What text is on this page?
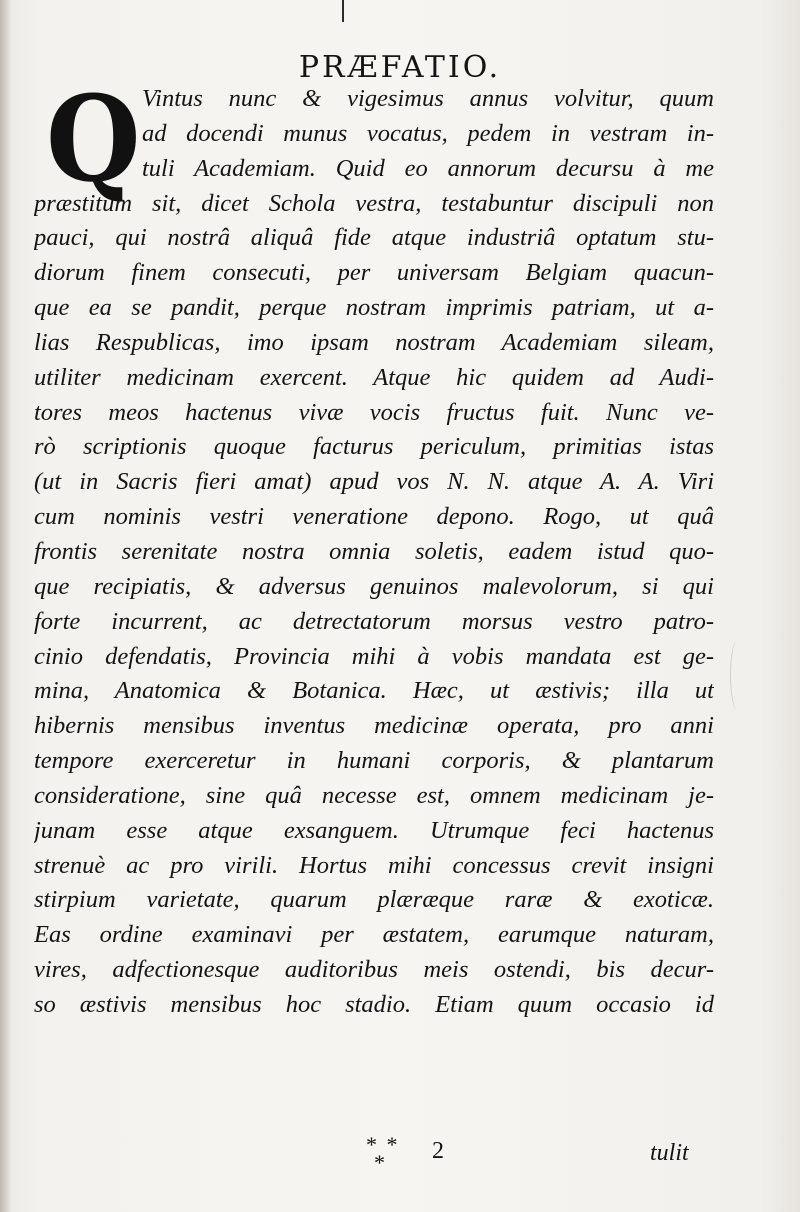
PRÆFATIO.
Q Vintus nunc & vigesimus annus volvitur, quum
ad docendi munus vocatus, pedem in vestram in-
tuli Academiam. Quid eo annorum decursu à me
præstitum sit, dicet Schola vestra, testabuntur discipuli non
pauci, qui nostrâ aliquâ fide atque industriâ optatum stu-
diorum finem consecuti, per universam Belgiam quacun-
que ea se pandit, perque nostram imprimis patriam, ut a-
lias Respublicas, imo ipsam nostram Academiam sileam,
utiliter medicinam exercent. Atque hic quidem ad Audi-
tores meos hactenus vivæ vocis fructus fuit. Nunc ve-
rò scriptionis quoque facturus periculum, primitias istas
(ut in Sacris fieri amat) apud vos N. N. atque A. A. Viri
cum nominis vestri veneratione depono. Rogo, ut quâ
frontis serenitate nostra omnia soletis, eadem istud quo-
que recipiatis, & adversus genuinos malevolorum, si qui
forte incurrent, ac detrectatorum morsus vestro patro-
cinio defendatis, Provincia mihi à vobis mandata est ge-
mina, Anatomica & Botanica. Hæc, ut æstivis; illa ut
hibernis mensibus inventus medicinæ operata, pro anni
tempore exerceretur in humani corporis, & plantarum
consideratione, sine quâ necesse est, omnem medicinam je-
junam esse atque exsanguem. Utrumque feci hactenus
strenuè ac pro virili. Hortus mihi concessus crevit insigni
stirpium varietate, quarum plæræque raræ & exoticæ.
Eas ordine examinavi per æstatem, earumque naturam,
vires, adfectionesque auditoribus meis ostendi, bis decur-
so æstivis mensibus hoc stadio. Etiam quum occasio id
* *
* 2	tulit
